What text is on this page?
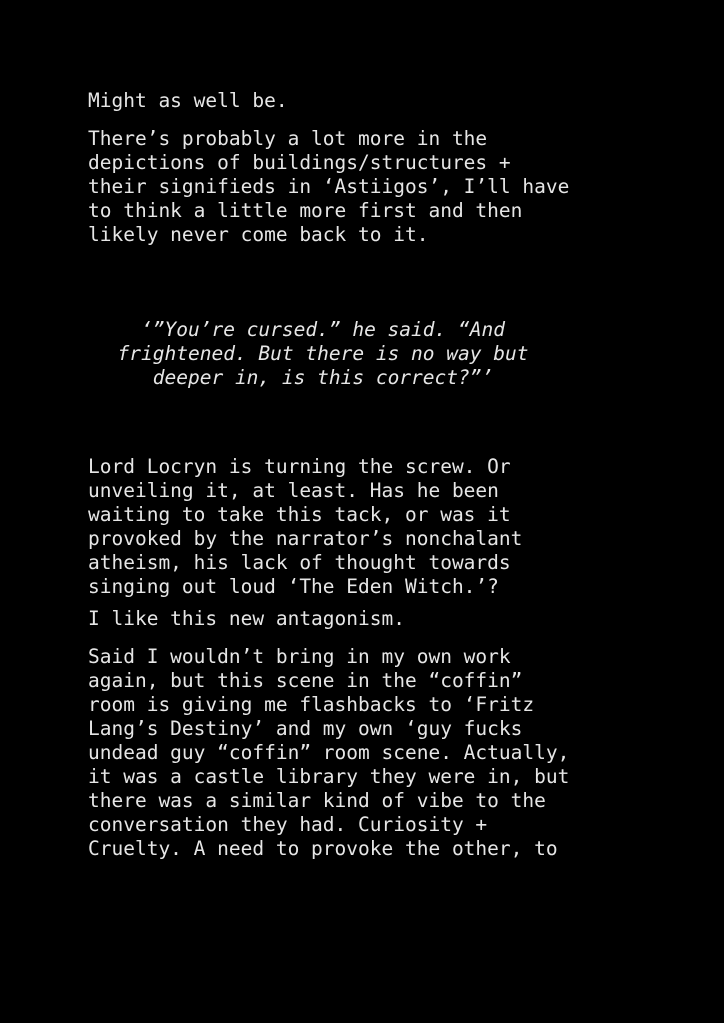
Might as well be.

There’s probably a lot more in the
depictions of buildings/structures +
their signifieds in ‘Astiigos’, I’ll have
to think a little more first and then
likely never come back to it.

‘”You’re cursed.” he said. “And
frightened. But there is no way but
deeper in, is this correct?”’

Lord Locryn is turning the screw. Or
unveiling it, at least. Has he been
waiting to take this tack, or was it
provoked by the narrator’s nonchalant
atheism, his lack of thought towards
singing out loud ‘The Eden Witch.’?

I like this new antagonism.

Said I wouldn’t bring in my own work
again, but this scene in the “coffin”
room is giving me flashbacks to ‘Fritz
Lang’s Destiny’ and my own ‘guy fucks
undead guy “coffin” room scene. Actually,
it was a castle library they were in, but
there was a similar kind of vibe to the
conversation they had. Curiosity +
Cruelty. A need to provoke the other, to
